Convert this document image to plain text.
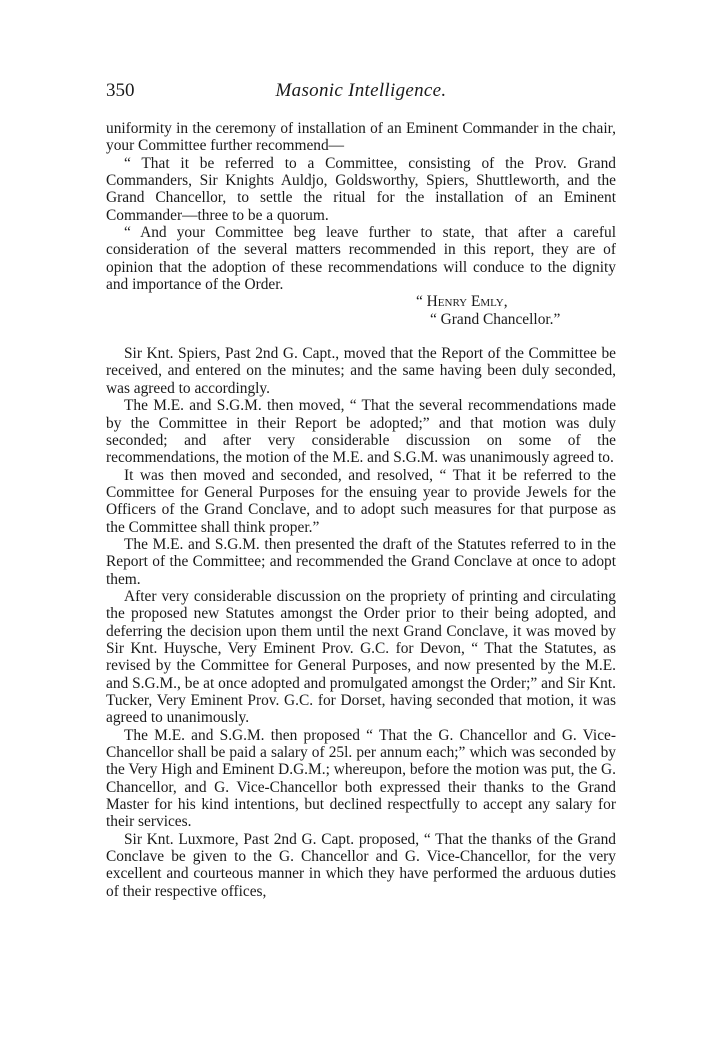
350	Masonic Intelligence.

uniformity in the ceremony of installation of an Eminent Commander in the chair, your Committee further recommend—

“ That it be referred to a Committee, consisting of the Prov. Grand Commanders, Sir Knights Auldjo, Goldsworthy, Spiers, Shuttleworth, and the Grand Chancellor, to settle the ritual for the installation of an Eminent Commander—three to be a quorum.

“ And your Committee beg leave further to state, that after a careful consideration of the several matters recommended in this report, they are of opinion that the adoption of these recommendations will conduce to the dignity and importance of the Order.

“ Henry Emly,
“ Grand Chancellor.”

Sir Knt. Spiers, Past 2nd G. Capt., moved that the Report of the Committee be received, and entered on the minutes; and the same having been duly seconded, was agreed to accordingly.

The M.E. and S.G.M. then moved, “ That the several recommendations made by the Committee in their Report be adopted;” and that motion was duly seconded; and after very considerable discussion on some of the recommendations, the motion of the M.E. and S.G.M. was unanimously agreed to.

It was then moved and seconded, and resolved, “ That it be referred to the Committee for General Purposes for the ensuing year to provide Jewels for the Officers of the Grand Conclave, and to adopt such measures for that purpose as the Committee shall think proper.”

The M.E. and S.G.M. then presented the draft of the Statutes referred to in the Report of the Committee; and recommended the Grand Conclave at once to adopt them.

After very considerable discussion on the propriety of printing and circulating the proposed new Statutes amongst the Order prior to their being adopted, and deferring the decision upon them until the next Grand Conclave, it was moved by Sir Knt. Huysche, Very Eminent Prov. G.C. for Devon, “ That the Statutes, as revised by the Committee for General Purposes, and now presented by the M.E. and S.G.M., be at once adopted and promulgated amongst the Order;” and Sir Knt. Tucker, Very Eminent Prov. G.C. for Dorset, having seconded that motion, it was agreed to unanimously.

The M.E. and S.G.M. then proposed “ That the G. Chancellor and G. Vice-Chancellor shall be paid a salary of 25l. per annum each;” which was seconded by the Very High and Eminent D.G.M.; whereupon, before the motion was put, the G. Chancellor, and G. Vice-Chancellor both expressed their thanks to the Grand Master for his kind intentions, but declined respectfully to accept any salary for their services.

Sir Knt. Luxmore, Past 2nd G. Capt. proposed, “ That the thanks of the Grand Conclave be given to the G. Chancellor and G. Vice-Chancellor, for the very excellent and courteous manner in which they have performed the arduous duties of their respective offices,
